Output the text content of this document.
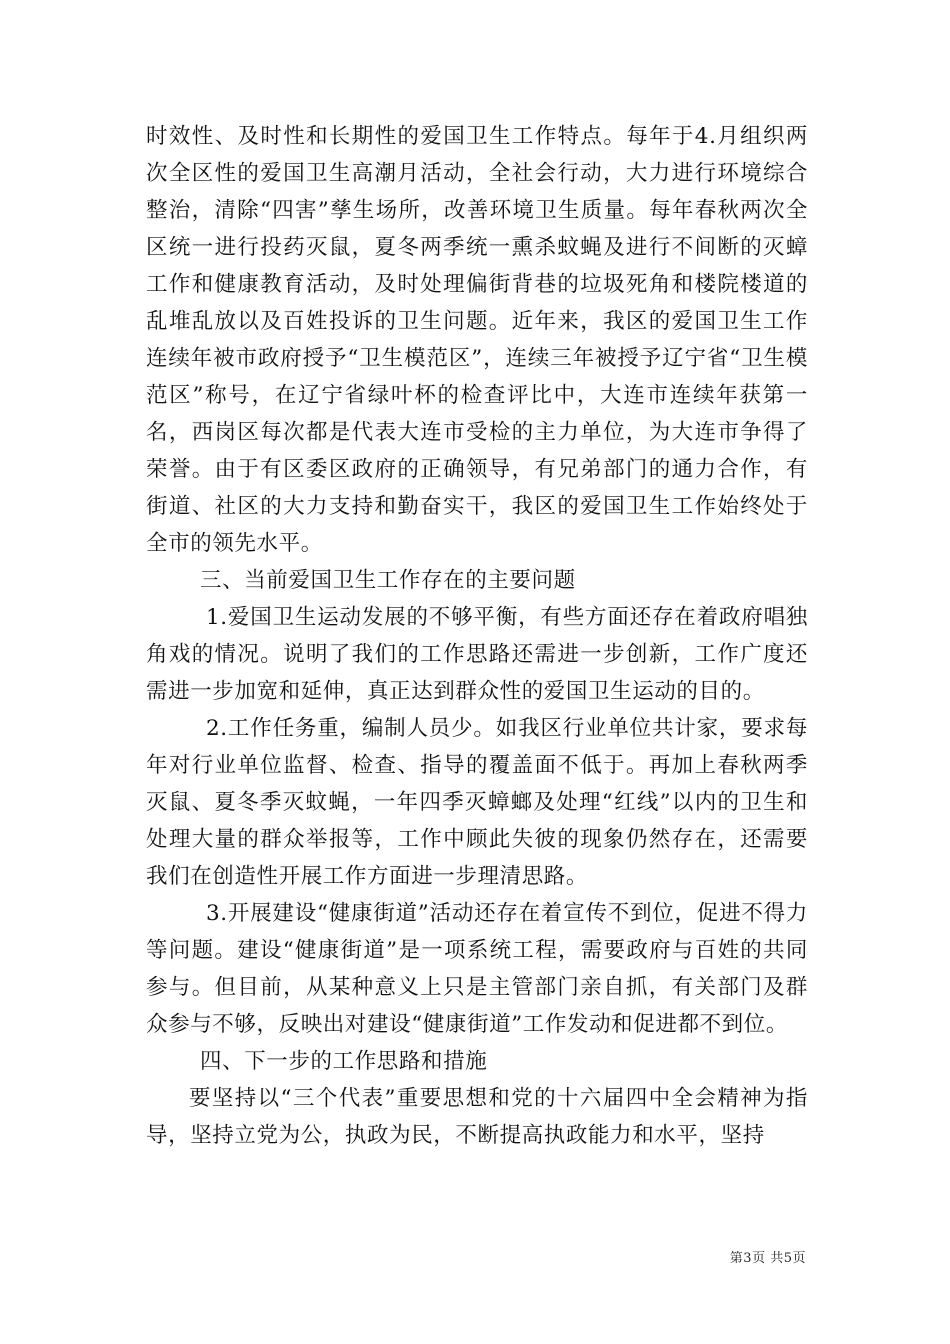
时效性、及时性和长期性的爱国卫生工作特点。每年于4.月组织两次全区性的爱国卫生高潮月活动，全社会行动，大力进行环境综合整治，清除“四害”孳生场所，改善环境卫生质量。每年春秋两次全区统一进行投药灭鼠，夏冬两季统一熏杀蚊蝇及进行不间断的灭蟑工作和健康教育活动，及时处理偏街背巷的垃圾死角和楼院楼道的乱堆乱放以及百姓投诉的卫生问题。近年来，我区的爱国卫生工作连续年被市政府授予“卫生模范区”，连续三年被授予辽宁省“卫生模范区”称号，在辽宁省绿叶杯的检查评比中，大连市连续年获第一名，西岗区每次都是代表大连市受检的主力单位，为大连市争得了荣誉。由于有区委区政府的正确领导，有兄弟部门的通力合作，有街道、社区的大力支持和勤奋实干，我区的爱国卫生工作始终处于全市的领先水平。

三、当前爱国卫生工作存在的主要问题

1.爱国卫生运动发展的不够平衡，有些方面还存在着政府唱独角戏的情况。说明了我们的工作思路还需进一步创新，工作广度还需进一步加宽和延伸，真正达到群众性的爱国卫生运动的目的。

2.工作任务重，编制人员少。如我区行业单位共计家，要求每年对行业单位监督、检查、指导的覆盖面不低于。再加上春秋两季灭鼠、夏冬季灭蚊蝇，一年四季灭蟑螂及处理“红线”以内的卫生和处理大量的群众举报等，工作中顾此失彼的现象仍然存在，还需要我们在创造性开展工作方面进一步理清思路。

3.开展建设“健康街道”活动还存在着宣传不到位，促进不得力等问题。建设“健康街道”是一项系统工程，需要政府与百姓的共同参与。但目前，从某种意义上只是主管部门亲自抓，有关部门及群众参与不够，反映出对建设“健康街道”工作发动和促进都不到位。

四、下一步的工作思路和措施

要坚持以“三个代表”重要思想和党的十六届四中全会精神为指导，坚持立党为公，执政为民，不断提高执政能力和水平，坚持

第3页 共5页
